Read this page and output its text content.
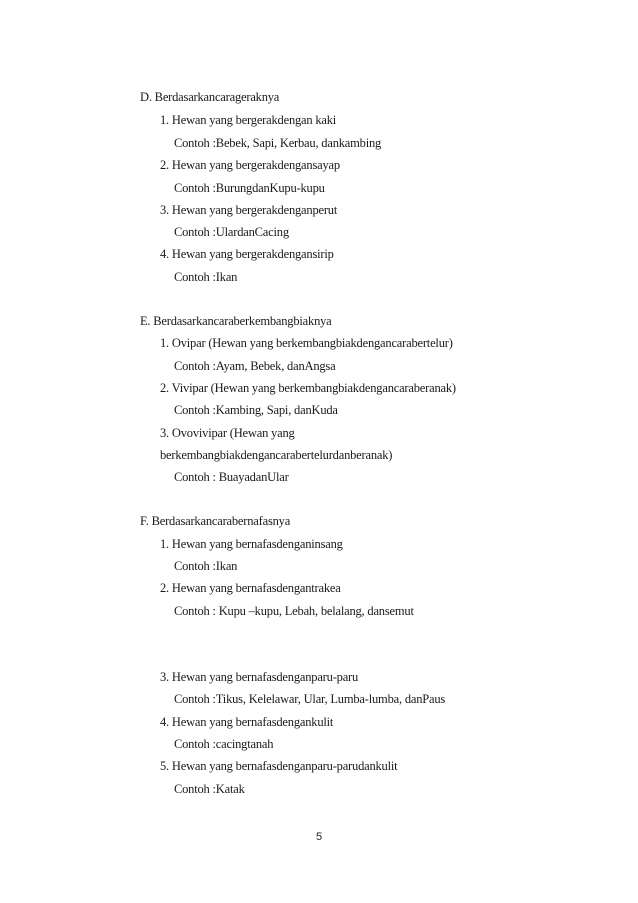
D. Berdasarkancarageraknya
1. Hewan yang bergerakdengan kaki
Contoh :Bebek, Sapi, Kerbau, dankambing
2. Hewan yang bergerakdengansayap
Contoh :BurungdanKupu-kupu
3. Hewan yang bergerakdenganperut
Contoh :UlardanCacing
4. Hewan yang bergerakdengansirip
Contoh :Ikan
E. Berdasarkancaraberkembangbiaknya
1. Ovipar (Hewan yang berkembangbiakdengancarabertelur)
Contoh :Ayam, Bebek, danAngsa
2. Vivipar (Hewan yang berkembangbiakdengancaraberanak)
Contoh :Kambing, Sapi, danKuda
3. Ovovivipar (Hewan yang
berkembangbiakdengancarabertelurdanberanak)
Contoh : BuayadanUlar
F. Berdasarkancarabernafasnya
1. Hewan yang bernafasdenganinsang
Contoh :Ikan
2. Hewan yang bernafasdengantrakea
Contoh : Kupu –kupu, Lebah, belalang, dansemut
3. Hewan yang bernafasdenganparu-paru
Contoh :Tikus, Kelelawar, Ular, Lumba-lumba, danPaus
4. Hewan yang bernafasdengankulit
Contoh :cacingtanah
5. Hewan yang bernafasdenganparu-parudankulit
Contoh :Katak
5
